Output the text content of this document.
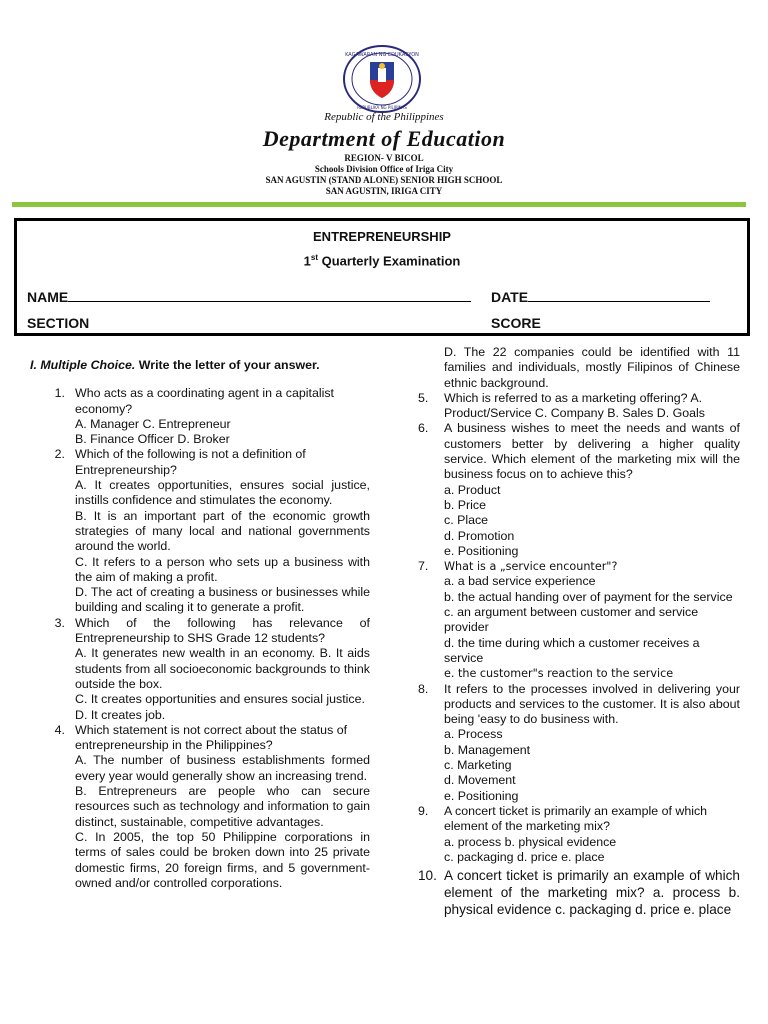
KAGAWARAN NG EDUKASYON
REPUBLIKA NG PILIPINAS
Republic of the Philippines
Department of Education
REGION- V BICOL
Schools Division Office of Iriga City
SAN AGUSTIN (STAND ALONE) SENIOR HIGH SCHOOL
SAN AGUSTIN, IRIGA CITY
ENTREPRENEURSHIP
1st Quarterly Examination
NAME	DATE
SECTION	SCORE
I. Multiple Choice. Write the letter of your answer.
1. Who acts as a coordinating agent in a capitalist economy?
A. Manager C. Entrepreneur
B. Finance Officer D. Broker
2. Which of the following is not a definition of Entrepreneurship?
A. It creates opportunities, ensures social justice, instills confidence and stimulates the economy.
B. It is an important part of the economic growth strategies of many local and national governments around the world.
C. It refers to a person who sets up a business with the aim of making a profit.
D. The act of creating a business or businesses while building and scaling it to generate a profit.
3. Which of the following has relevance of Entrepreneurship to SHS Grade 12 students?
A. It generates new wealth in an economy. B. It aids students from all socioeconomic backgrounds to think outside the box.
C. It creates opportunities and ensures social justice.
D. It creates job.
4. Which statement is not correct about the status of entrepreneurship in the Philippines?
A. The number of business establishments formed every year would generally show an increasing trend.
B. Entrepreneurs are people who can secure resources such as technology and information to gain distinct, sustainable, competitive advantages.
C. In 2005, the top 50 Philippine corporations in terms of sales could be broken down into 25 private domestic firms, 20 foreign firms, and 5 government-owned and/or controlled corporations.
D. The 22 companies could be identified with 11 families and individuals, mostly Filipinos of Chinese ethnic background.
5.	Which is referred to as a marketing offering? A. Product/Service C. Company B. Sales D. Goals
6.	A business wishes to meet the needs and wants of customers better by delivering a higher quality service. Which element of the marketing mix will the business focus on to achieve this?
a. Product
b. Price
c. Place
d. Promotion
e. Positioning
7.	What is a „service encounter"?
a. a bad service experience
b. the actual handing over of payment for the service
c. an argument between customer and service provider
d. the time during which a customer receives a service
e. the customer"s reaction to the service
8.	It refers to the processes involved in delivering your products and services to the customer. It is also about being 'easy to do business with.
a. Process
b. Management
c. Marketing
d. Movement
e. Positioning
9.	A concert ticket is primarily an example of which element of the marketing mix?
a. process b. physical evidence
c. packaging d. price e. place
10. A concert ticket is primarily an example of which element of the marketing mix? a. process b. physical evidence c. packaging d. price e. place
